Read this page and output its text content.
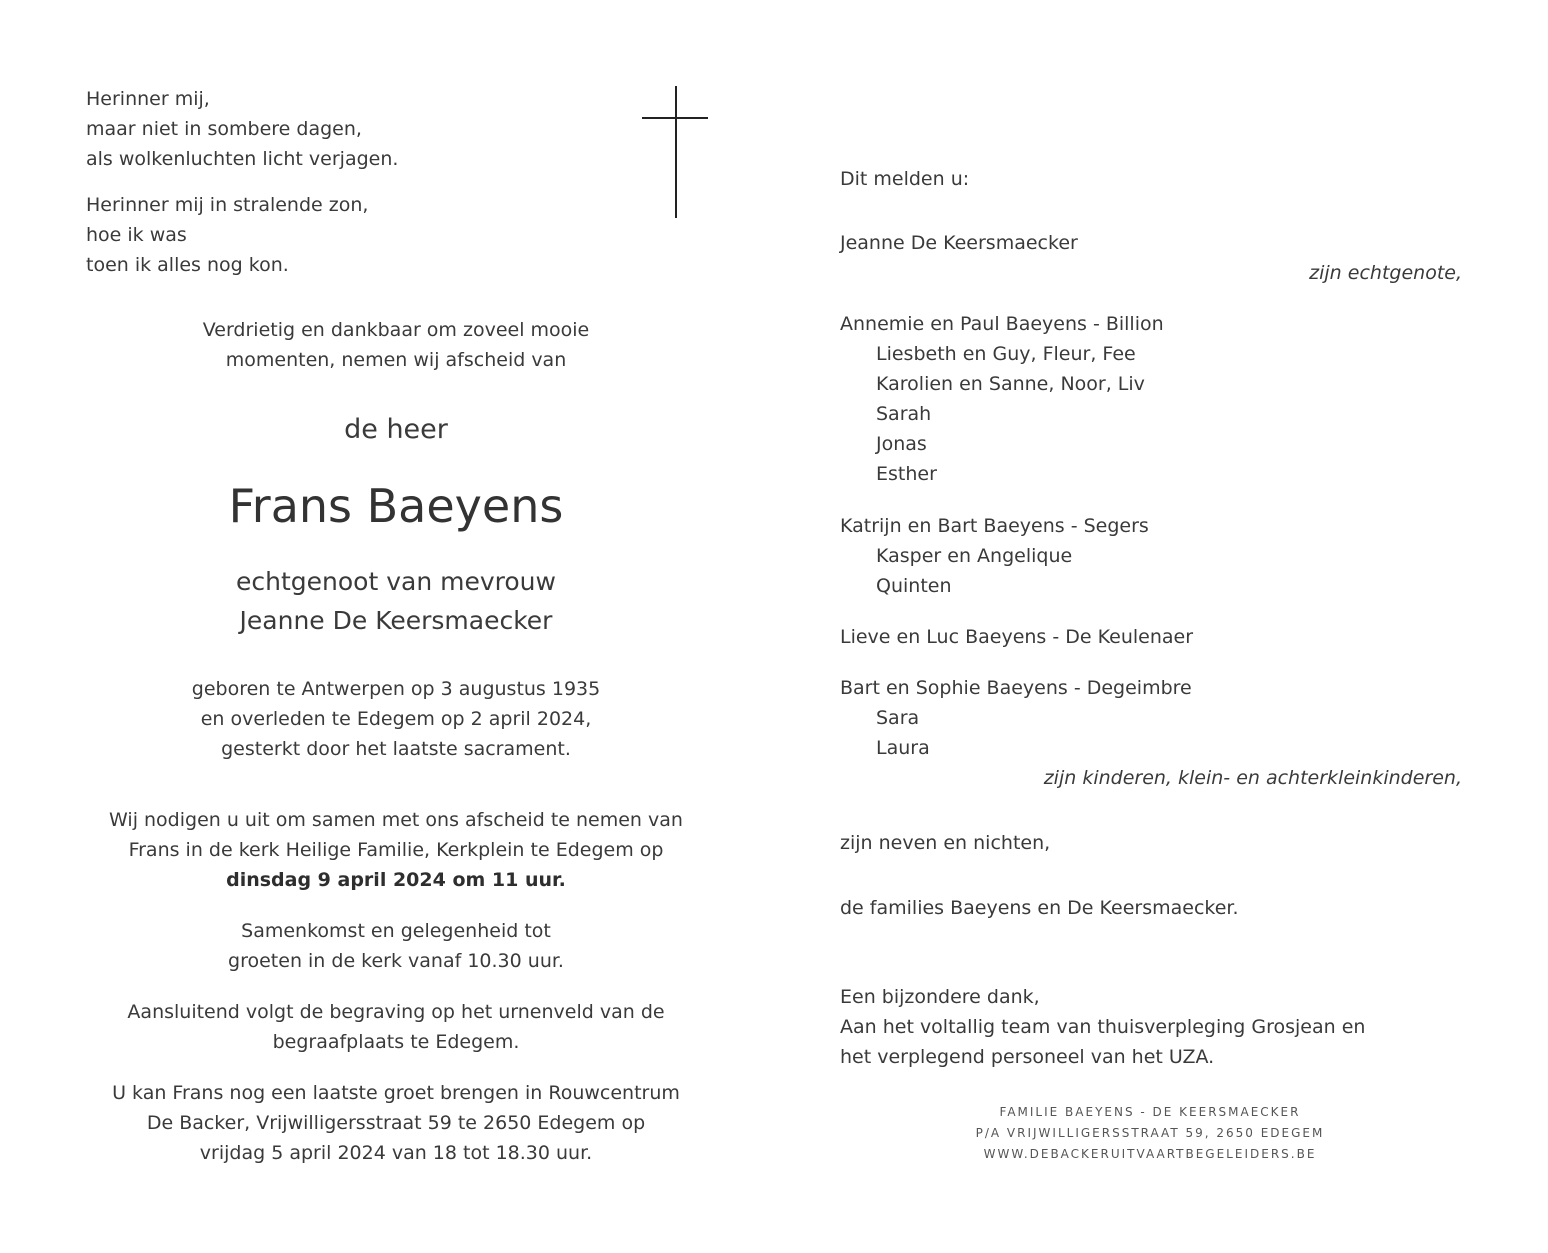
Herinner mij,
maar niet in sombere dagen,
als wolkenluchten licht verjagen.
Herinner mij in stralende zon,
hoe ik was
toen ik alles nog kon.
Verdrietig en dankbaar om zoveel mooie
momenten, nemen wij afscheid van
de heer
Frans Baeyens
echtgenoot van mevrouw
Jeanne De Keersmaecker
geboren te Antwerpen op 3 augustus 1935
en overleden te Edegem op 2 april 2024,
gesterkt door het laatste sacrament.
Wij nodigen u uit om samen met ons afscheid te nemen van
Frans in de kerk Heilige Familie, Kerkplein te Edegem op
dinsdag 9 april 2024 om 11 uur.
Samenkomst en gelegenheid tot
groeten in de kerk vanaf 10.30 uur.
Aansluitend volgt de begraving op het urnenveld van de
begraafplaats te Edegem.
U kan Frans nog een laatste groet brengen in Rouwcentrum
De Backer, Vrijwilligersstraat 59 te 2650 Edegem op
vrijdag 5 april 2024 van 18 tot 18.30 uur.
Dit melden u:
Jeanne De Keersmaecker
zijn echtgenote,
Annemie en Paul Baeyens - Billion
Liesbeth en Guy, Fleur, Fee
Karolien en Sanne, Noor, Liv
Sarah
Jonas
Esther
Katrijn en Bart Baeyens - Segers
Kasper en Angelique
Quinten
Lieve en Luc Baeyens - De Keulenaer
Bart en Sophie Baeyens - Degeimbre
Sara
Laura
zijn kinderen, klein- en achterkleinkinderen,
zijn neven en nichten,
de families Baeyens en De Keersmaecker.
Een bijzondere dank,
Aan het voltallig team van thuisverpleging Grosjean en
het verplegend personeel van het UZA.
FAMILIE BAEYENS - DE KEERSMAECKER
P/A VRIJWILLIGERSSTRAAT 59, 2650 EDEGEM
WWW.DEBACKERUITVAARTBEGELEIDERS.BE
